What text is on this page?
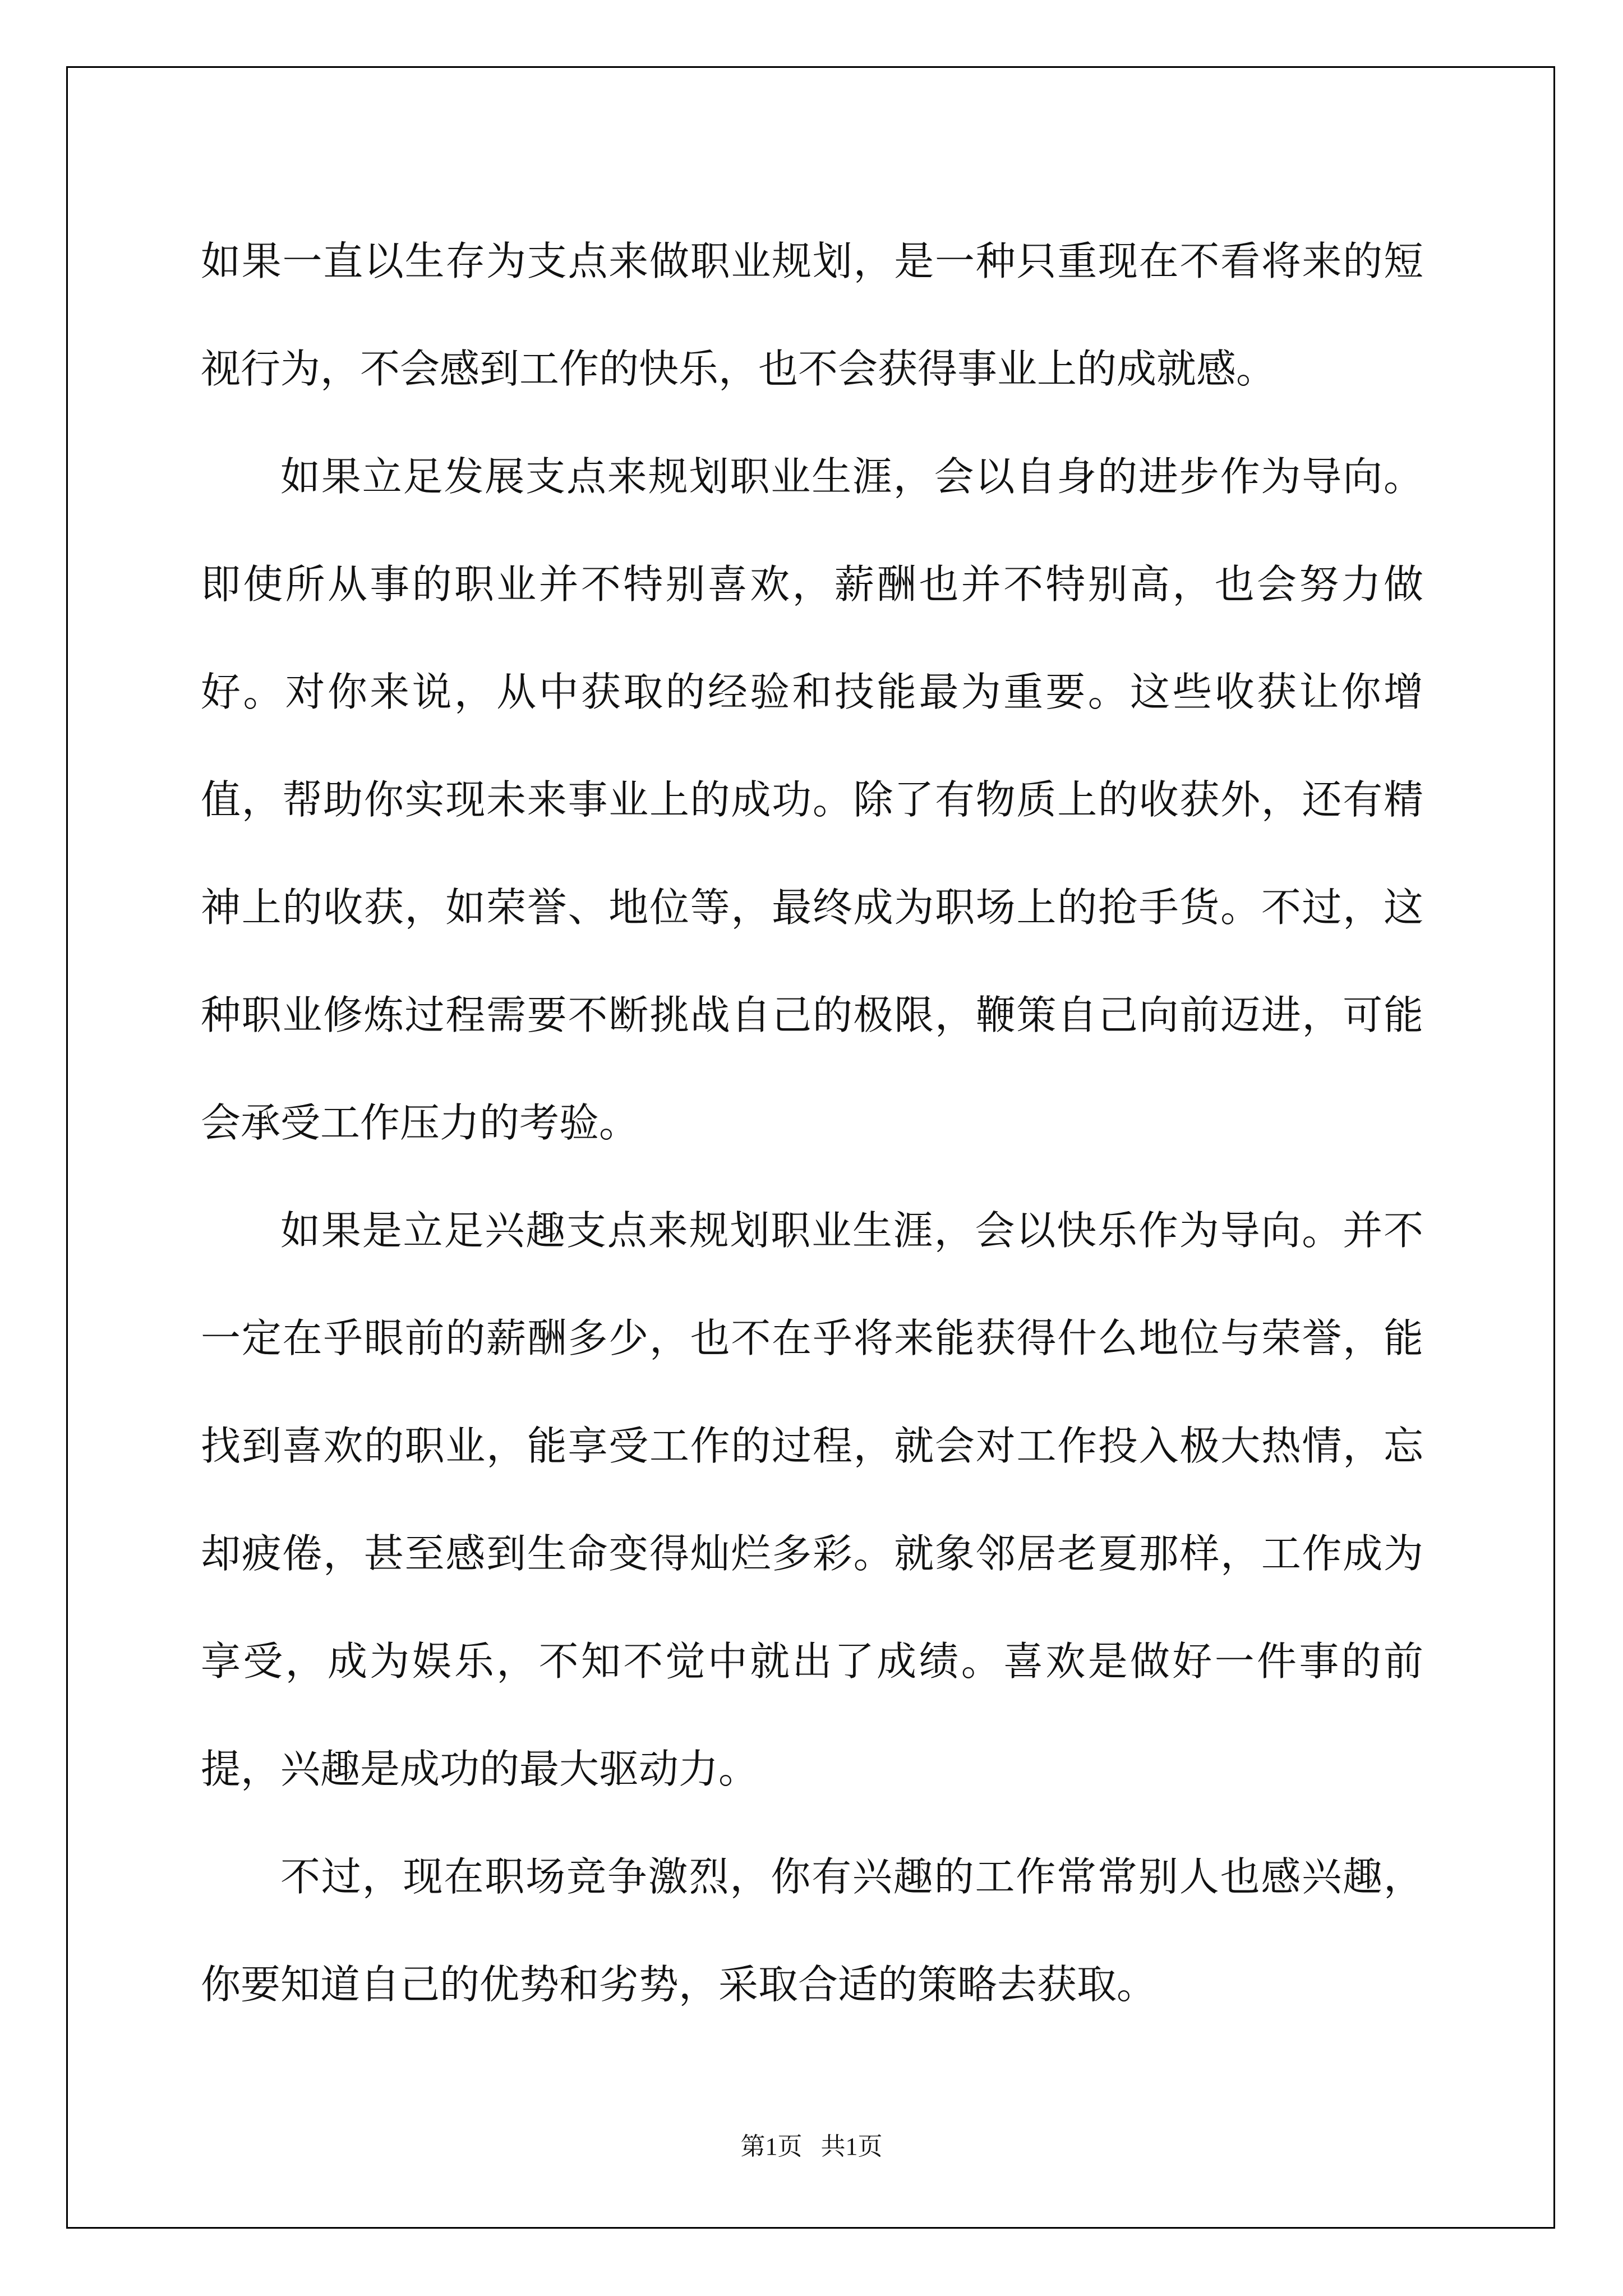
如果一直以生存为支点来做职业规划，是一种只重现在不看将来的短视行为，不会感到工作的快乐，也不会获得事业上的成就感。

如果立足发展支点来规划职业生涯，会以自身的进步作为导向。即使所从事的职业并不特别喜欢，薪酬也并不特别高，也会努力做好。对你来说，从中获取的经验和技能最为重要。这些收获让你增值，帮助你实现未来事业上的成功。除了有物质上的收获外，还有精神上的收获，如荣誉、地位等，最终成为职场上的抢手货。不过，这种职业修炼过程需要不断挑战自己的极限，鞭策自己向前迈进，可能会承受工作压力的考验。

如果是立足兴趣支点来规划职业生涯，会以快乐作为导向。并不一定在乎眼前的薪酬多少，也不在乎将来能获得什么地位与荣誉，能找到喜欢的职业，能享受工作的过程，就会对工作投入极大热情，忘却疲倦，甚至感到生命变得灿烂多彩。就象邻居老夏那样，工作成为享受，成为娱乐，不知不觉中就出了成绩。喜欢是做好一件事的前提，兴趣是成功的最大驱动力。

不过，现在职场竞争激烈，你有兴趣的工作常常别人也感兴趣，你要知道自己的优势和劣势，采取合适的策略去获取。

第1页   共1页
